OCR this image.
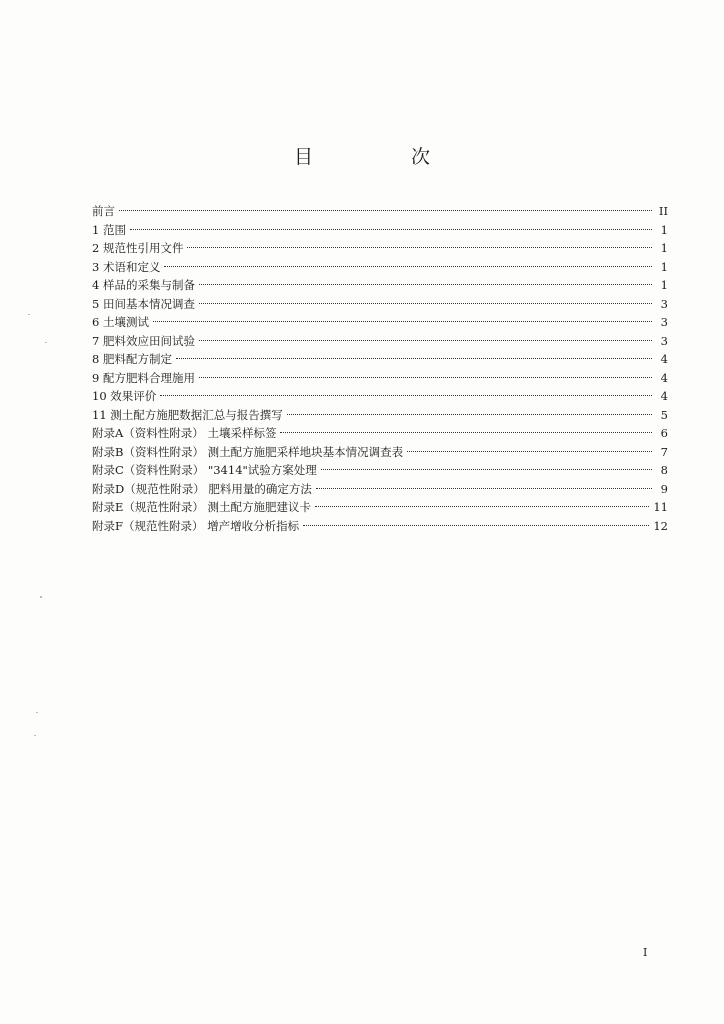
目 次
前言	II
1 范围	1
2 规范性引用文件	1
3 术语和定义	1
4 样品的采集与制备	1
5 田间基本情况调查	3
6 土壤测试	3
7 肥料效应田间试验	3
8 肥料配方制定	4
9 配方肥料合理施用	4
10 效果评价	4
11 测土配方施肥数据汇总与报告撰写	5
附录A（资料性附录） 土壤采样标签	6
附录B（资料性附录） 测土配方施肥采样地块基本情况调查表	7
附录C（资料性附录） "3414"试验方案处理	8
附录D（规范性附录） 肥料用量的确定方法	9
附录E（规范性附录） 测土配方施肥建议卡	11
附录F（规范性附录） 增产增收分析指标	12
I
